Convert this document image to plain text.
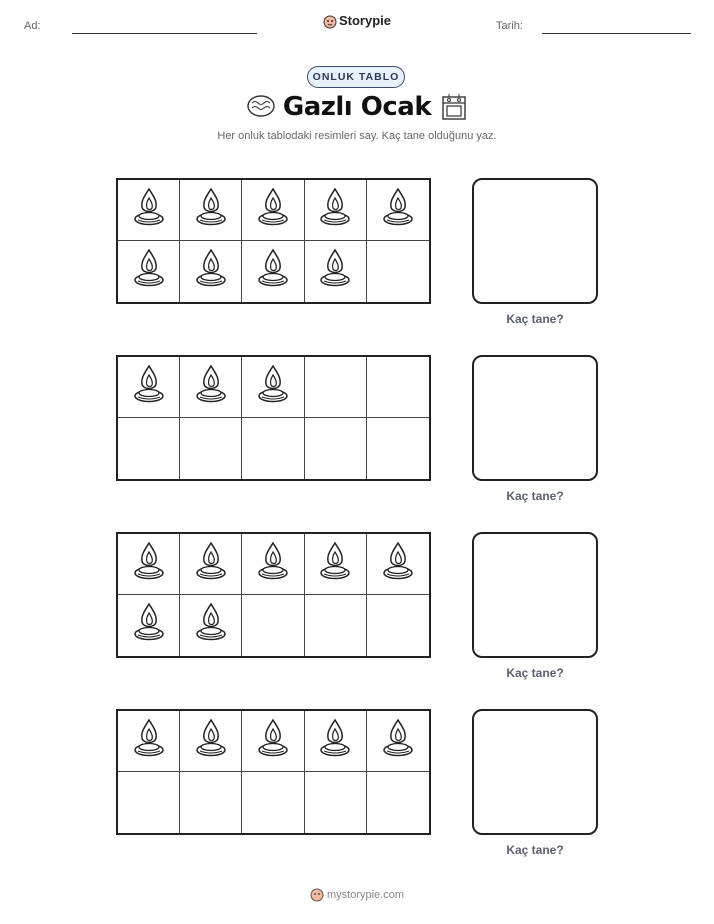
Ad:	Storypie	Tarih:
ONLUK TABLO
Gazlı Ocak
Her onluk tablodaki resimleri say. Kaç tane olduğunu yaz.
Kaç tane?
Kaç tane?
Kaç tane?
Kaç tane?
mystorypie.com
